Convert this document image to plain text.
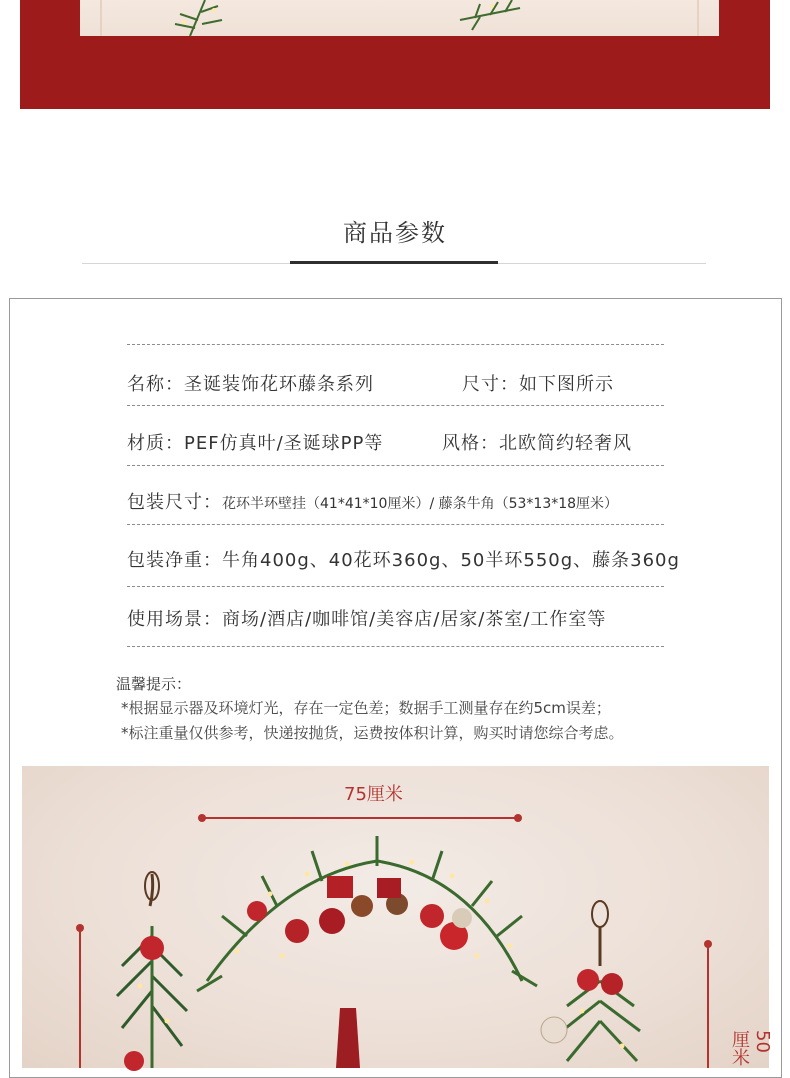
商品参数
名称：圣诞装饰花环藤条系列	尺寸：如下图所示
材质：PEF仿真叶/圣诞球PP等	风格：北欧简约轻奢风
包装尺寸：花环半环壁挂（41*41*10厘米）/ 藤条牛角（53*13*18厘米）
包装净重：牛角400g、40花环360g、50半环550g、藤条360g
使用场景：商场/酒店/咖啡馆/美容店/居家/茶室/工作室等
温馨提示：
*根据显示器及环境灯光，存在一定色差；数据手工测量存在约5cm误差；
*标注重量仅供参考，快递按抛货，运费按体积计算，购买时请您综合考虑。
75厘米
50厘米
